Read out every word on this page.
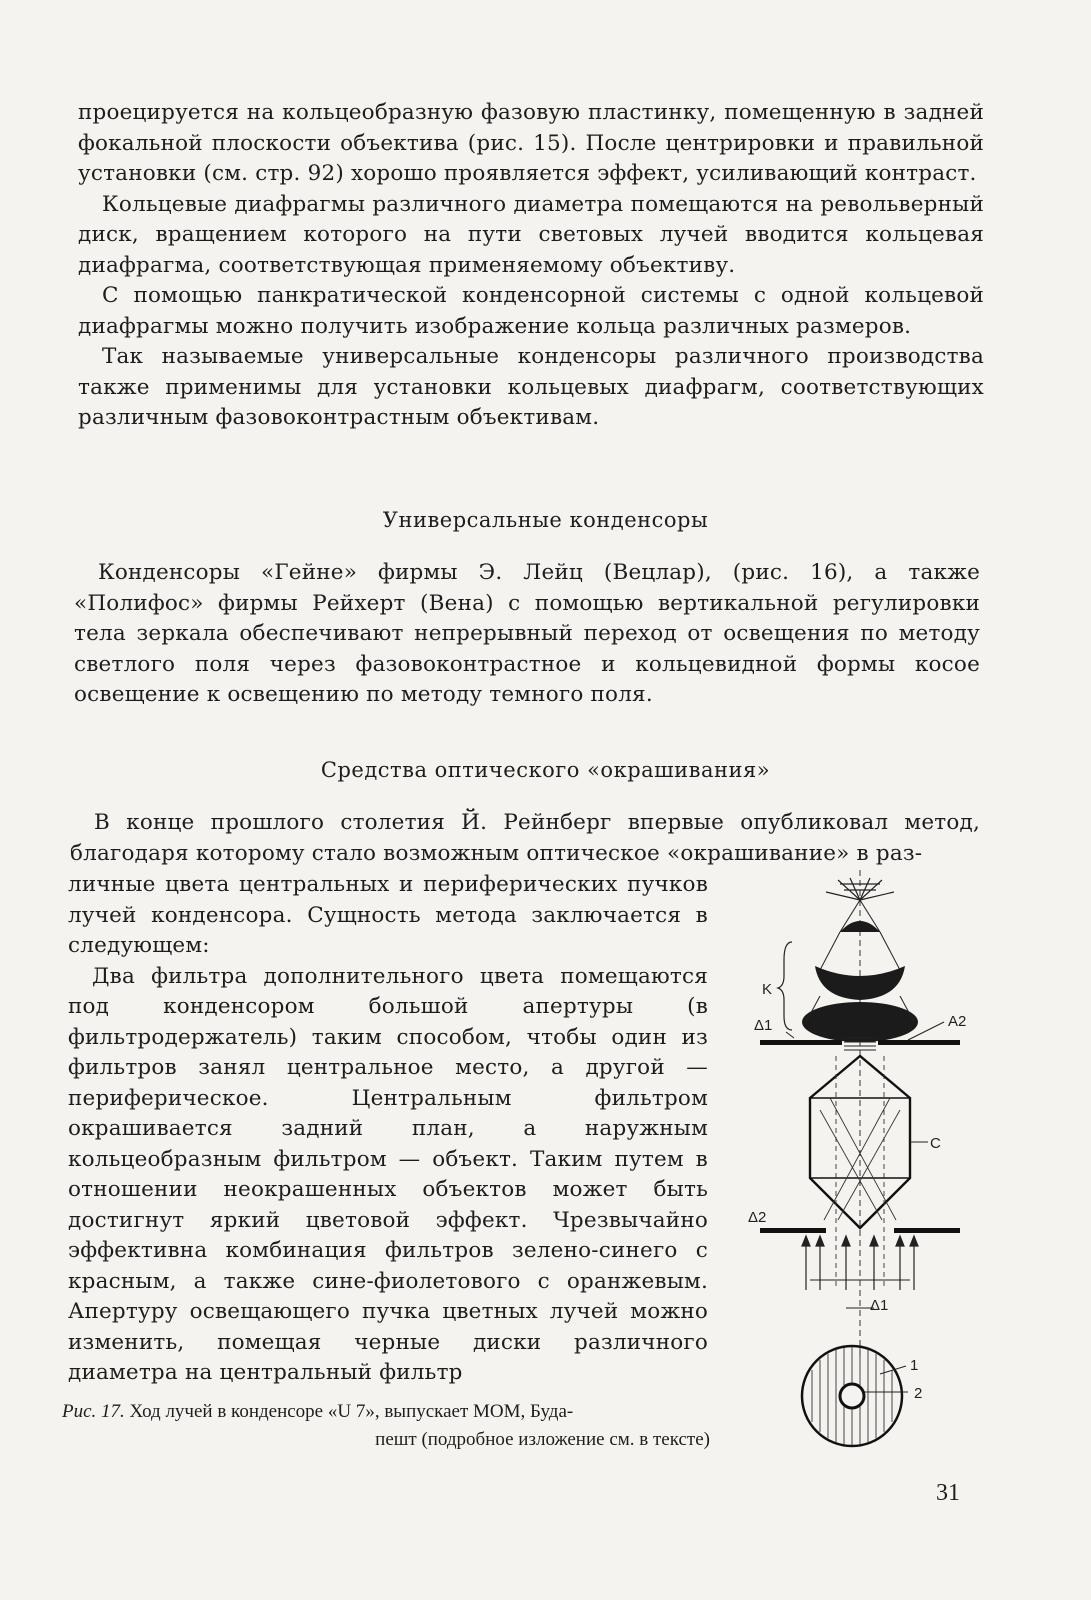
проецируется на кольцеобразную фазовую пластинку, помещенную в задней фокальной плоскости объектива (рис. 15). После центрировки и правильной установки (см. стр. 92) хорошо проявляется эффект, усиливающий контраст.

Кольцевые диафрагмы различного диаметра помещаются на револьверный диск, вращением которого на пути световых лучей вводится кольцевая диафрагма, соответствующая применяемому объективу.

С помощью панкратической конденсорной системы с одной кольцевой диафрагмы можно получить изображение кольца различных размеров.

Так называемые универсальные конденсоры различного производства также применимы для установки кольцевых диафрагм, соответствующих различным фазовоконтрастным объективам.

Универсальные конденсоры

Конденсоры «Гейне» фирмы Э. Лейц (Вецлар), (рис. 16), а также «Полифос» фирмы Рейхерт (Вена) с помощью вертикальной регулировки тела зеркала обеспечивают непрерывный переход от освещения по методу светлого поля через фазовоконтрастное и кольцевидной формы косое освещение к освещению по методу темного поля.

Средства оптического «окрашивания»

В конце прошлого столетия Й. Рейнберг впервые опубликовал метод, благодаря которому стало возможным оптическое «окрашивание» в раз-

личные цвета центральных и периферических пучков лучей конденсора. Сущность метода заключается в следующем:

Два фильтра дополнительного цвета помещаются под конденсором большой апертуры (в фильтродержатель) таким способом, чтобы один из фильтров занял центральное место, а другой — периферическое. Центральным фильтром окрашивается задний план, а наружным кольцеобразным фильтром — объект. Таким путем в отношении неокрашенных объектов может быть достигнут яркий цветовой эффект. Чрезвычайно эффективна комбинация фильтров зелено-синего с красным, а также сине-фиолетового с оранжевым. Апертуру освещающего пучка цветных лучей можно изменить, помещая черные диски различного диаметра на центральный фильтр

K
Δ1	A2
C
Δ2
Δ1
1
2
Рис. 17. Ход лучей в конденсоре «U 7», выпускает МОМ, Буда-
пешт (подробное изложение см. в тексте)
31
